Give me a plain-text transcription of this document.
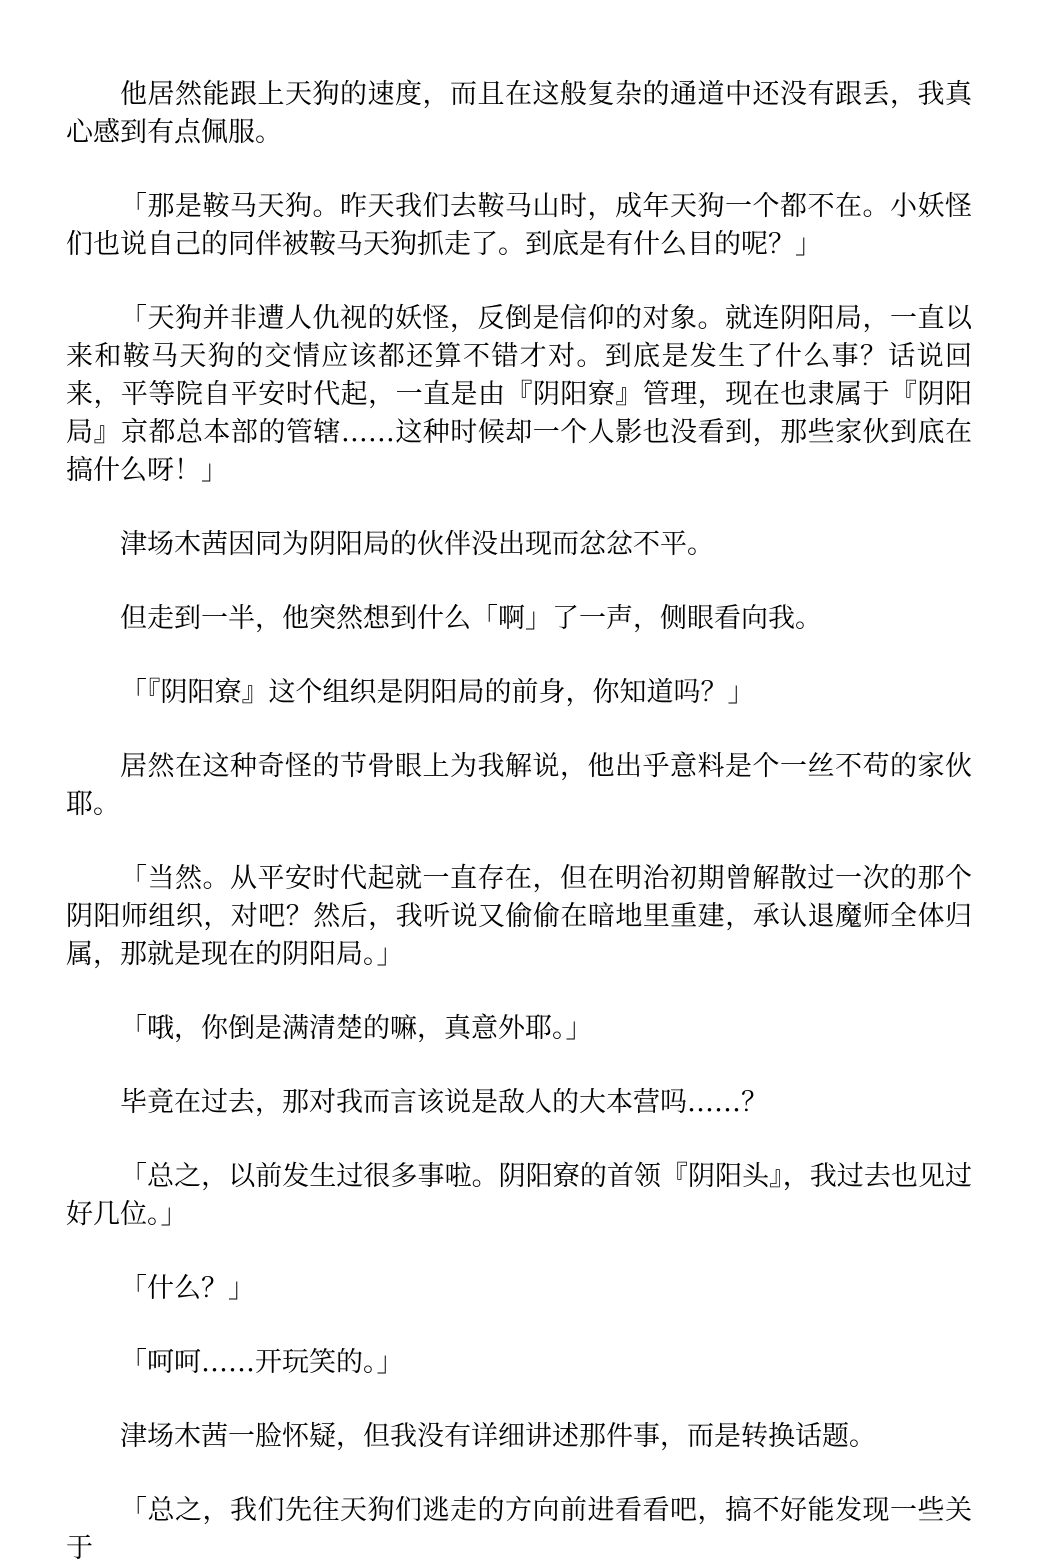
他居然能跟上天狗的速度，而且在这般复杂的通道中还没有跟丢，我真心感到有点佩服。

「那是鞍马天狗。昨天我们去鞍马山时，成年天狗一个都不在。小妖怪们也说自己的同伴被鞍马天狗抓走了。到底是有什么目的呢？」

「天狗并非遭人仇视的妖怪，反倒是信仰的对象。就连阴阳局，一直以来和鞍马天狗的交情应该都还算不错才对。到底是发生了什么事？话说回来，平等院自平安时代起，一直是由『阴阳寮』管理，现在也隶属于『阴阳局』京都总本部的管辖……这种时候却一个人影也没看到，那些家伙到底在搞什么呀！」

津场木茜因同为阴阳局的伙伴没出现而忿忿不平。

但走到一半，他突然想到什么「啊」了一声，侧眼看向我。

「『阴阳寮』这个组织是阴阳局的前身，你知道吗？」

居然在这种奇怪的节骨眼上为我解说，他出乎意料是个一丝不苟的家伙耶。

「当然。从平安时代起就一直存在，但在明治初期曾解散过一次的那个阴阳师组织，对吧？然后，我听说又偷偷在暗地里重建，承认退魔师全体归属，那就是现在的阴阳局。」

「哦，你倒是满清楚的嘛，真意外耶。」

毕竟在过去，那对我而言该说是敌人的大本营吗……？

「总之，以前发生过很多事啦。阴阳寮的首领『阴阳头』，我过去也见过好几位。」

「什么？」

「呵呵……开玩笑的。」

津场木茜一脸怀疑，但我没有详细讲述那件事，而是转换话题。

「总之，我们先往天狗们逃走的方向前进看看吧，搞不好能发现一些关于
